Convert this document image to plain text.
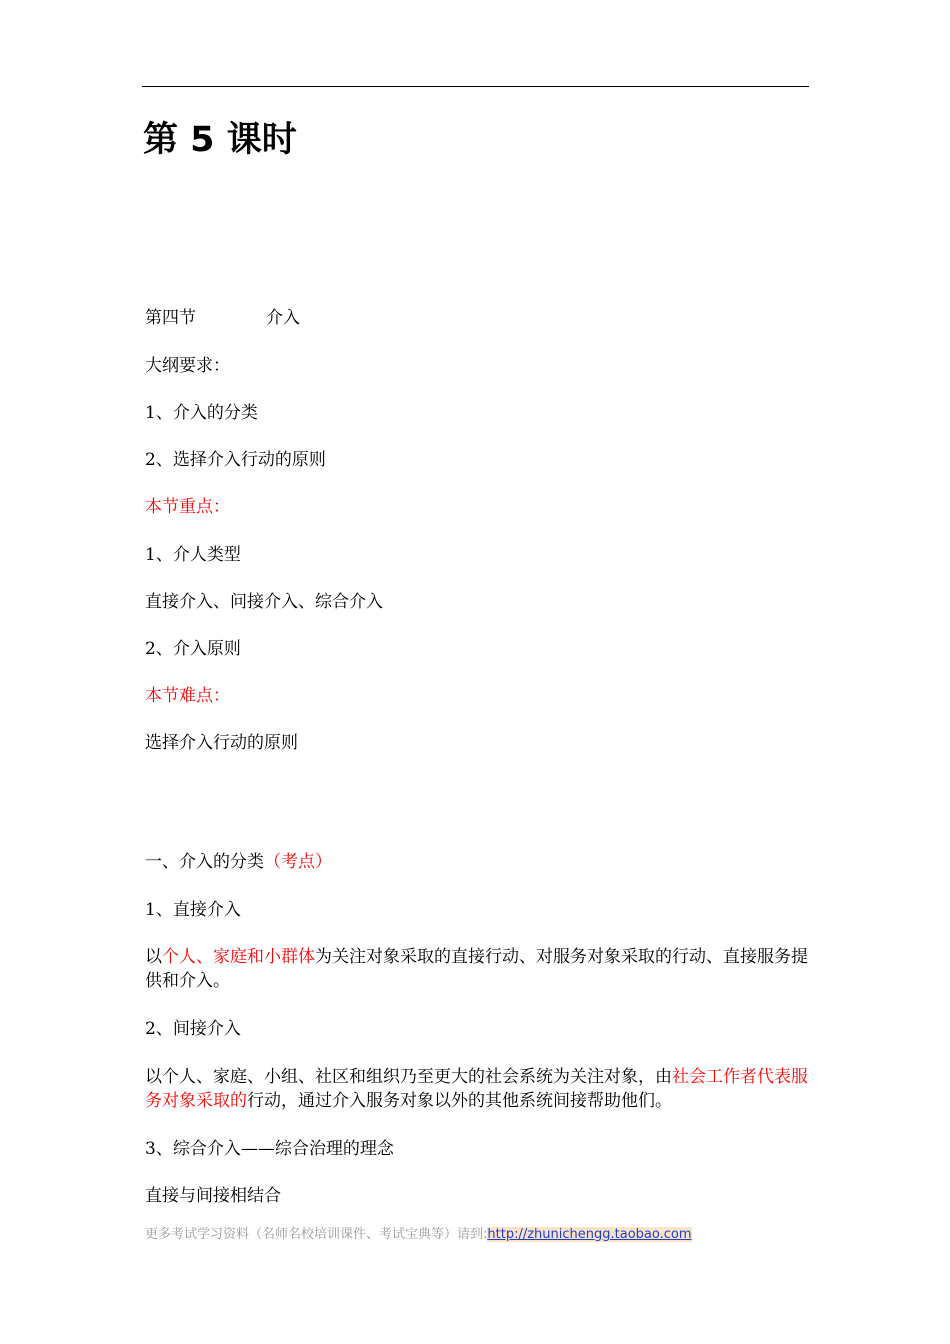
第 5 课时
第四节	介入
大纲要求：
1、介入的分类
2、选择介入行动的原则
本节重点：
1、介人类型
直接介入、问接介入、综合介入
2、介入原则
本节难点：
选择介入行动的原则
一、介入的分类（考点）
1、直接介入

以个人、家庭和小群体为关注对象采取的直接行动、对服务对象采取的行动、直接服务提供和介入。

2、间接介入

以个人、家庭、小组、社区和组织乃至更大的社会系统为关注对象，由社会工作者代表服务对象采取的行动，通过介入服务对象以外的其他系统间接帮助他们。

3、综合介入——综合治理的理念
直接与间接相结合
更多考试学习资料（名师名校培训课件、考试宝典等）请到:http://zhunichengg.taobao.com
